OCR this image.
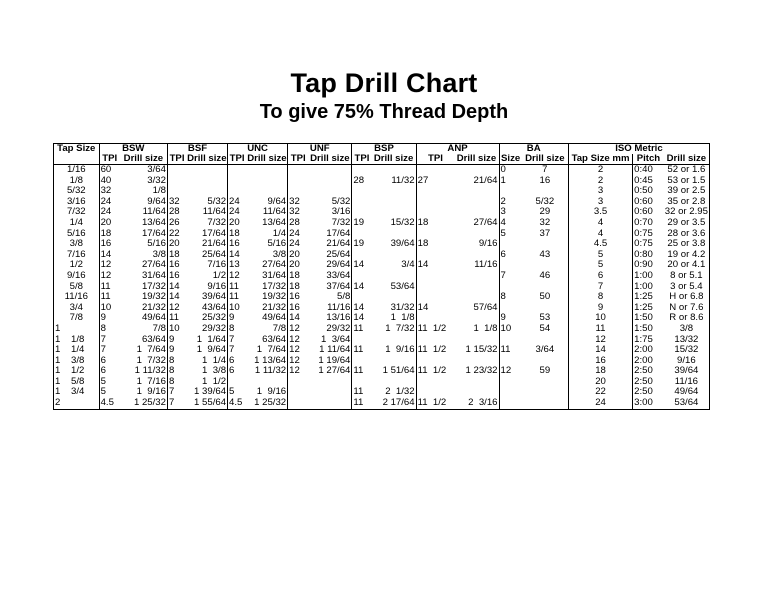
Tap Drill Chart
To give 75% Thread Depth
Tap Size	BSW		BSF		UNC		UNF		BSP		ANP		BA		ISO Metric		
	TPI	Drill size	TPI	Drill size	TPI	Drill size	TPI	Drill size	TPI	Drill size	TPI	Drill size	Size	Drill size	Tap Size mm	Pitch	Drill size
1/16	60	3/64											0	7	2	0:40	52 or 1.6
1/8	40	3/32							28	11/32	27	21/64	1	16	2	0:45	53 or 1.5
5/32	32	1/8													3	0:50	39 or 2.5
3/16	24	9/64	32	5/32	24	9/64	32	5/32					2	5/32	3	0:60	35 or 2.8
7/32	24	11/64	28	11/64	24	11/64	32	3/16					3	29	3.5	0:60	32 or 2.95
1/4	20	13/64	26	7/32	20	13/64	28	7/32	19	15/32	18	27/64	4	32	4	0:70	29 or 3.5
5/16	18	17/64	22	17/64	18	1/4	24	17/64					5	37	4	0:75	28 or 3.6
3/8	16	5/16	20	21/64	16	5/16	24	21/64	19	39/64	18	9/16			4.5	0:75	25 or 3.8
7/16	14	3/8	18	25/64	14	3/8	20	25/64					6	43	5	0:80	19 or 4.2
1/2	12	27/64	16	7/16	13	27/64	20	29/64	14	3/4	14	11/16			5	0:90	20 or 4.1
9/16	12	31/64	16	1/2	12	31/64	18	33/64					7	46	6	1:00	8 or 5.1
5/8	11	17/32	14	9/16	11	17/32	18	37/64	14	53/64					7	1:00	3 or 5.4
11/16	11	19/32	14	39/64	11	19/32	16	5/8					8	50	8	1:25	H or 6.8
3/4	10	21/32	12	43/64	10	21/32	16	11/16	14	31/32	14	57/64			9	1:25	N or 7.6
7/8	9	49/64	11	25/32	9	49/64	14	13/16	14	1  1/8			9	53	10	1:50	R or 8.6
1	8	7/8	10	29/32	8	7/8	12	29/32	11	1  7/32	11  1/2	1  1/8	10	54	11	1:50	3/8
1    1/8	7	63/64	9	1  1/64	7	63/64	12	1  3/64							12	1:75	13/32
1    1/4	7	1  7/64	9	1  9/64	7	1  7/64	12	1 11/64	11	1  9/16	11  1/2	1 15/32	11	3/64	14	2:00	15/32
1    3/8	6	1  7/32	8	1  1/4	6	1 13/64	12	1 19/64							16	2:00	9/16
1    1/2	6	1 11/32	8	1  3/8	6	1 11/32	12	1 27/64	11	1 51/64	11  1/2	1 23/32	12	59	18	2:50	39/64
1    5/8	5	1  7/16	8	1  1/2											20	2:50	11/16
1    3/4	5	1  9/16	7	1 39/64	5	1  9/16			11	2  1/32					22	2:50	49/64
2	4.5	1 25/32	7	1 55/64	4.5	1 25/32			11	2 17/64	11  1/2	2  3/16			24	3:00	53/64
